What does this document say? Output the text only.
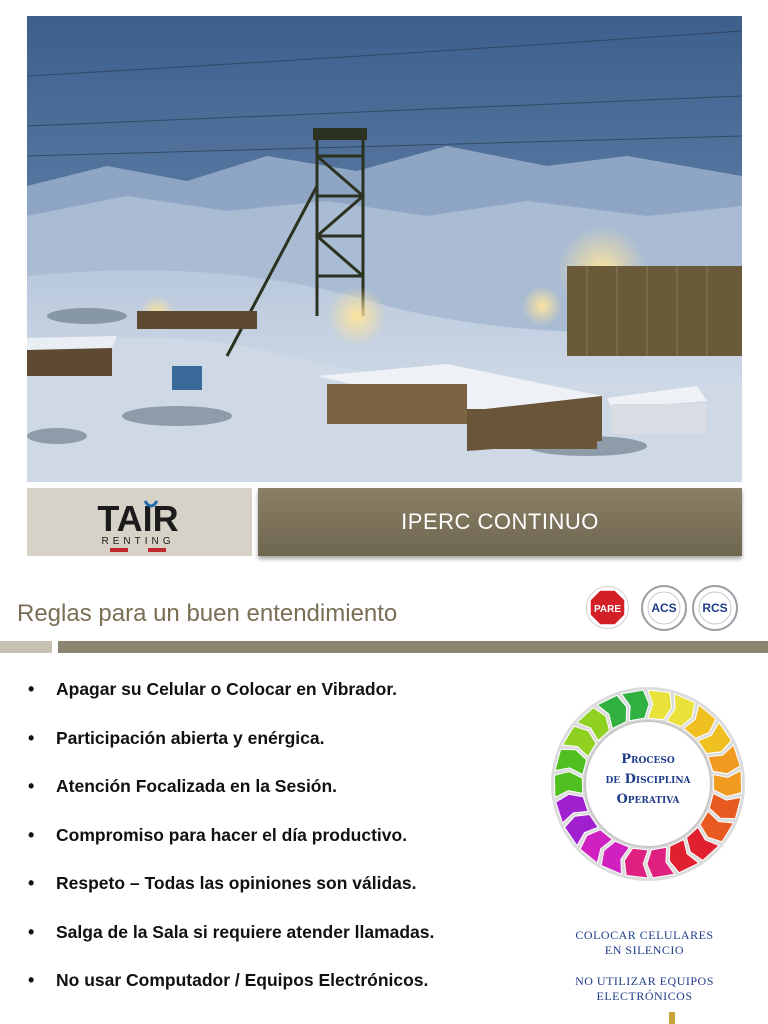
TAIR
RENTING
IPERC CONTINUO
Reglas para un buen entendimiento	PARE	ACS RCS
• Apagar su Celular o Colocar en Vibrador.
• Participación abierta y enérgica.
• Atención Focalizada en la Sesión.
• Compromiso para hacer el día productivo.
• Respeto – Todas las opiniones son válidas.
• Salga de la Sala si requiere atender llamadas.
• No usar Computador / Equipos Electrónicos.
Proceso
de Disciplina
Operativa
COLOCAR CELULARES
EN SILENCIO
NO UTILIZAR EQUIPOS
ELECTRÓNICOS
